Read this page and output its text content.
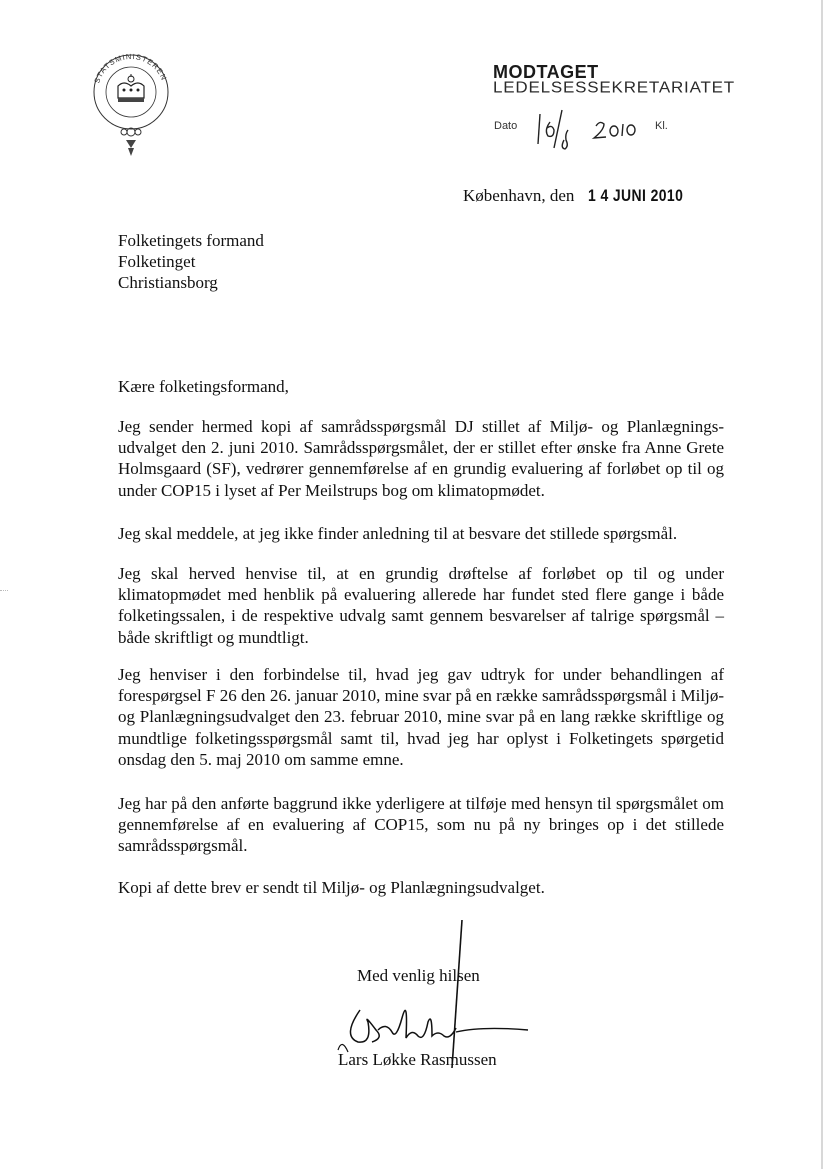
STATSMINISTEREN	MODTAGET
LEDELSESSEKRETARIATET
Dato	Kl.
København, den 1 4 JUNI 2010
Folketingets formand
Folketinget
Christiansborg
Kære folketingsformand,
Jeg sender hermed kopi af samrådsspørgsmål DJ stillet af Miljø- og Planlægnings-udvalget den 2. juni 2010. Samrådsspørgsmålet, der er stillet efter ønske fra Anne Grete Holmsgaard (SF), vedrører gennemførelse af en grundig evaluering af forløbet op til og under COP15 i lyset af Per Meilstrups bog om klimatopmødet.
Jeg skal meddele, at jeg ikke finder anledning til at besvare det stillede spørgsmål.
Jeg skal herved henvise til, at en grundig drøftelse af forløbet op til og under klimatopmødet med henblik på evaluering allerede har fundet sted flere gange i både folketingssalen, i de respektive udvalg samt gennem besvarelser af talrige spørgsmål – både skriftligt og mundtligt.
Jeg henviser i den forbindelse til, hvad jeg gav udtryk for under behandlingen af forespørgsel F 26 den 26. januar 2010, mine svar på en række samrådsspørgsmål i Miljø- og Planlægningsudvalget den 23. februar 2010, mine svar på en lang række skriftlige og mundtlige folketingsspørgsmål samt til, hvad jeg har oplyst i Folketingets spørgetid onsdag den 5. maj 2010 om samme emne.
Jeg har på den anførte baggrund ikke yderligere at tilføje med hensyn til spørgsmålet om gennemførelse af en evaluering af COP15, som nu på ny bringes op i det stillede samrådsspørgsmål.
Kopi af dette brev er sendt til Miljø- og Planlægningsudvalget.
Med venlig hilsen
Lars Løkke Rasmussen
